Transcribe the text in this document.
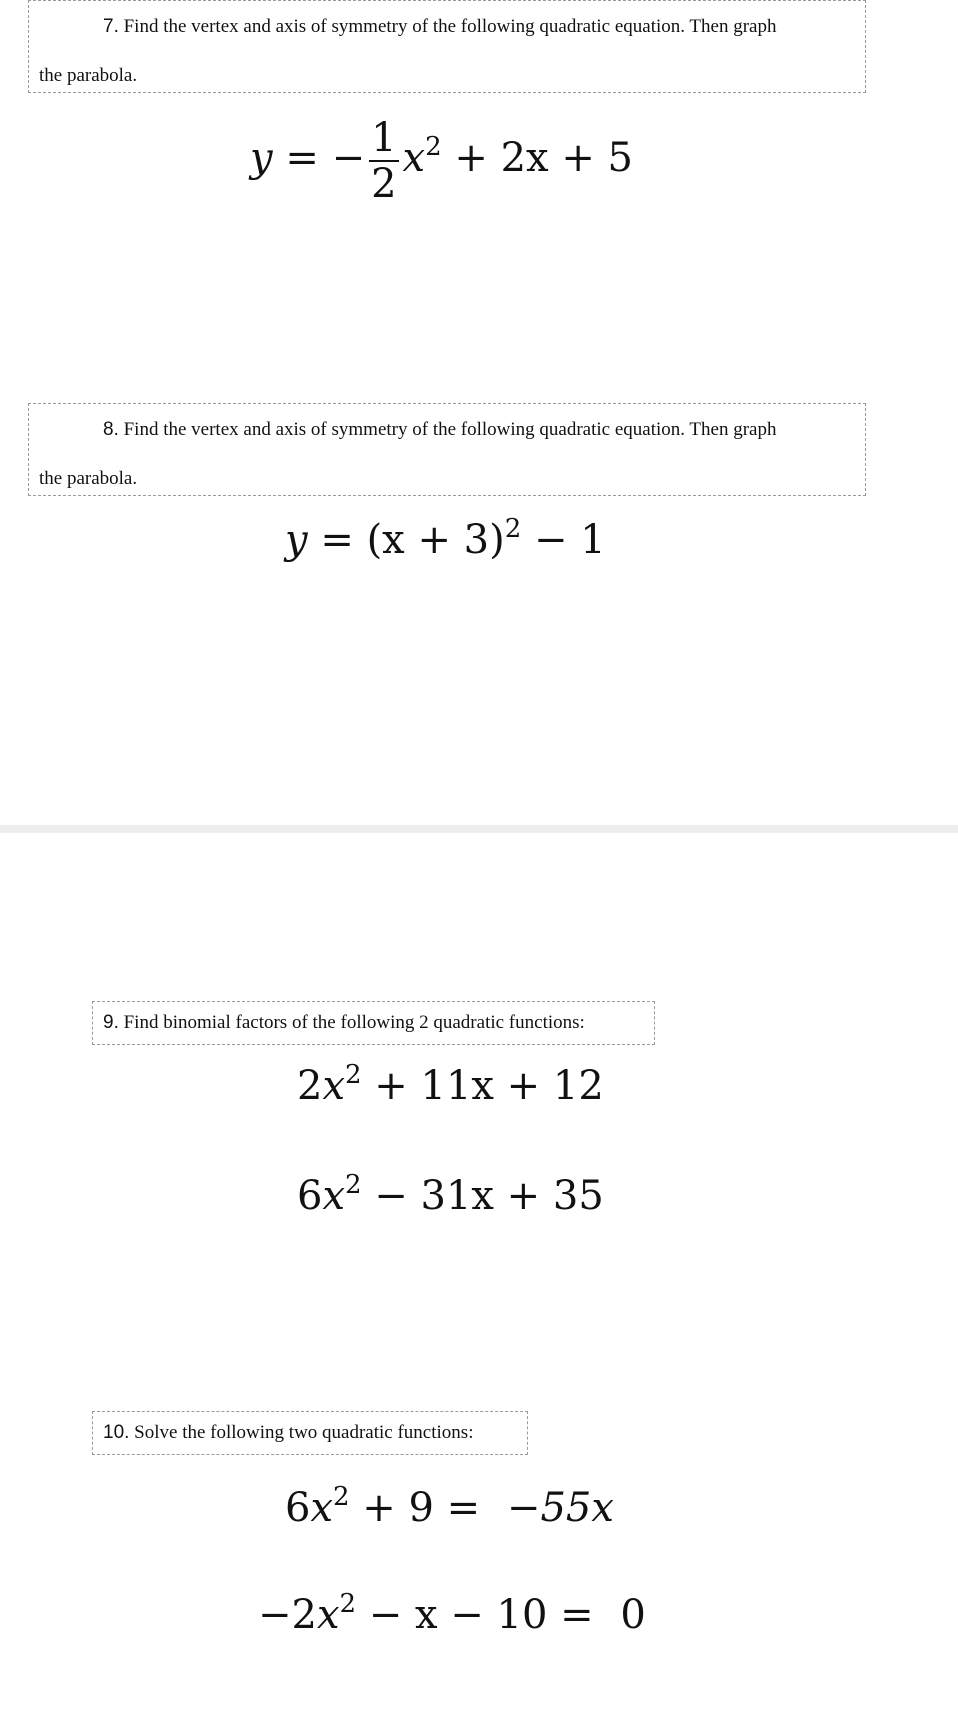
7. Find the vertex and axis of symmetry of the following quadratic equation. Then graph
the parabola.
y = − $\frac{1}{2} x^2 + 2x + 5$
8. Find the vertex and axis of symmetry of the following quadratic equation. Then graph
the parabola.
$y = (x + 3)^2 - 1$
9. Find binomial factors of the following 2 quadratic functions:
$2x^2 + 11x + 12$
$6x^2 - 31x + 35$
10. Solve the following two quadratic functions:
$6x^2 + 9 = -55x$
$-2x^2 - x - 10 = 0$
